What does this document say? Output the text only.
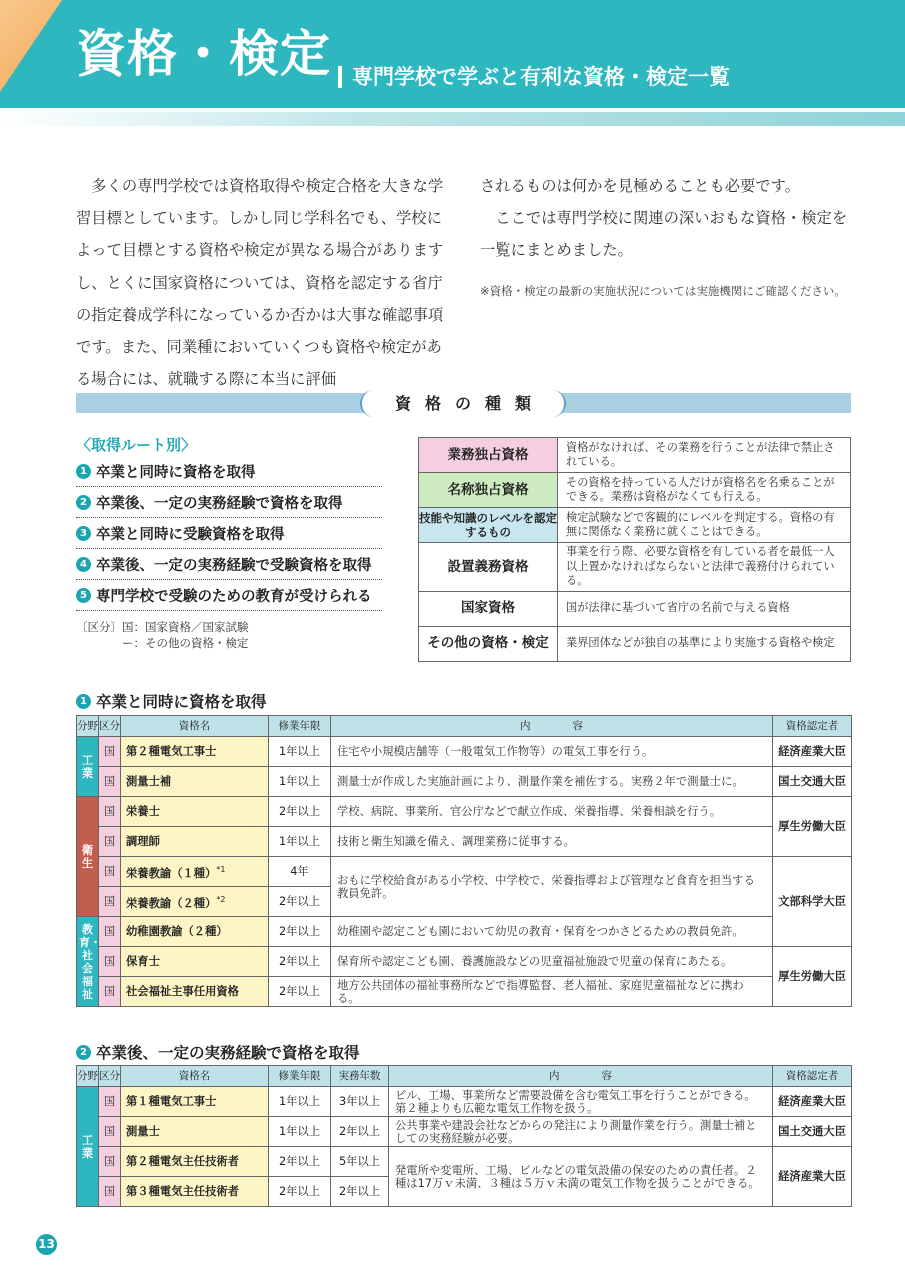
資格・検定 専門学校で学ぶと有利な資格・検定一覧

多くの専門学校では資格取得や検定合格を大きな学習目標としています。しかし同じ学科名でも、学校によって目標とする資格や検定が異なる場合がありますし、とくに国家資格については、資格を認定する省庁の指定養成学科になっているか否かは大事な確認事項です。また、同業種においていくつも資格や検定がある場合には、就職する際に本当に評価

されるものは何かを見極めることも必要です。

ここでは専門学校に関連の深いおもな資格・検定を一覧にまとめました。

※資格・検定の最新の実施状況については実施機関にご確認ください。
資格の種類
〈取得ルート別〉
1 卒業と同時に資格を取得
2 卒業後、一定の実務経験で資格を取得
3 卒業と同時に受験資格を取得
4 卒業後、一定の実務経験で受験資格を取得
5 専門学校で受験のための教育が受けられる
〔区分〕国：国家資格／国家試験
　　　　ー：その他の資格・検定
業務独占資格	資格がなければ、その業務を行うことが法律で禁止されている。
名称独占資格	その資格を持っている人だけが資格名を名乗ることができる。業務は資格がなくても行える。
技能や知識のレベルを認定するもの	検定試験などで客観的にレベルを判定する。資格の有無に関係なく業務に就くことはできる。
設置義務資格	事業を行う際、必要な資格を有している者を最低一人以上置かなければならないと法律で義務付けられている。
国家資格	国が法律に基づいて省庁の名前で与える資格
その他の資格・検定	業界団体などが独自の基準により実施する資格や検定
1 卒業と同時に資格を取得
分野	区分	資格名	修業年限	内　　　　容	資格認定者
工業	国	第２種電気工事士	1年以上	住宅や小規模店舗等（一般電気工作物等）の電気工事を行う。	経済産業大臣
	国	測量士補	1年以上	測量士が作成した実施計画により、測量作業を補佐する。実務２年で測量士に。	国土交通大臣
衛生	国	栄養士	2年以上	学校、病院、事業所、官公庁などで献立作成、栄養指導、栄養相談を行う。	厚生労働大臣
	国	調理師	1年以上	技術と衛生知識を備え、調理業務に従事する。	
	国	栄養教諭（１種）$^{*1}$	4年	おもに学校給食がある小学校、中学校で、栄養指導および管理など食育を担当する教員免許。	文部科学大臣
	国	栄養教諭（２種）$^{*2}$	2年以上		
教育・社会福祉	国	幼稚園教諭（２種）	2年以上	幼稚園や認定こども園において幼児の教育・保育をつかさどるための教員免許。	
	国	保育士	2年以上	保育所や認定こども園、養護施設などの児童福祉施設で児童の保育にあたる。	厚生労働大臣
	国	社会福祉主事任用資格	2年以上	地方公共団体の福祉事務所などで指導監督、老人福祉、家庭児童福祉などに携わる。	
2 卒業後、一定の実務経験で資格を取得
分野	区分	資格名	修業年限	実務年数	内　　　　容	資格認定者
工業	国	第１種電気工事士	1年以上	3年以上	ビル、工場、事業所など需要設備を含む電気工事を行うことができる。第２種よりも広範な電気工作物を扱う。	経済産業大臣
	国	測量士	1年以上	2年以上	公共事業や建設会社などからの発注により測量作業を行う。測量士補としての実務経験が必要。	国土交通大臣
	国	第２種電気主任技術者	2年以上	5年以上	発電所や変電所、工場、ビルなどの電気設備の保安のための責任者。２種は17万ｖ未満、３種は５万ｖ未満の電気工作物を扱うことができる。	経済産業大臣
	国	第３種電気主任技術者	2年以上	2年以上		
13
